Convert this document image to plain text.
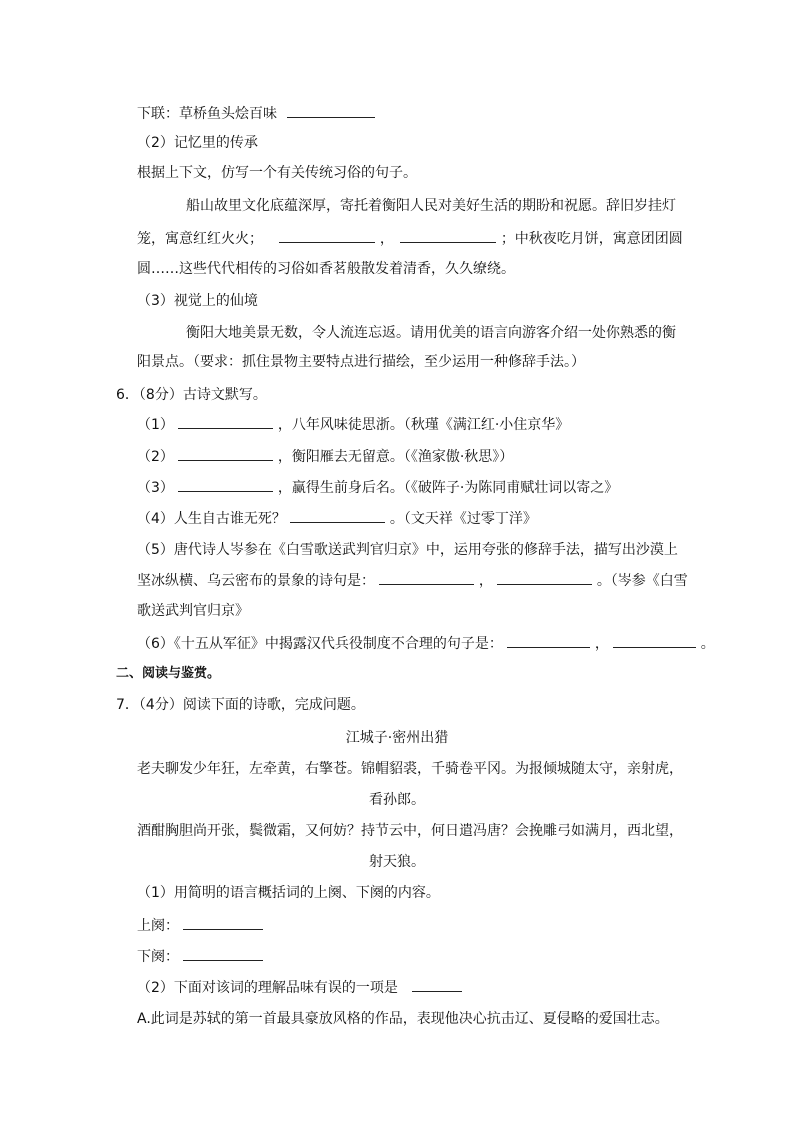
下联：草桥鱼头烩百味
（2）记忆里的传承
根据上下文，仿写一个有关传统习俗的句子。
船山故里文化底蕴深厚，寄托着衡阳人民对美好生活的期盼和祝愿。辞旧岁挂灯
笼，寓意红红火火；	，	；中秋夜吃月饼，寓意团团圆
圆……这些代代相传的习俗如香茗般散发着清香，久久缭绕。
（3）视觉上的仙境
衡阳大地美景无数，令人流连忘返。请用优美的语言向游客介绍一处你熟悉的衡
阳景点。（要求：抓住景物主要特点进行描绘，至少运用一种修辞手法。）
6．（8分）古诗文默写。
（1）	，八年风味徒思浙。（秋瑾《满江红·小住京华》
（2）	，衡阳雁去无留意。（《渔家傲·秋思》）
（3）	，赢得生前身后名。（《破阵子·为陈同甫赋壮词以寄之》
（4）人生自古谁无死？	。（文天祥《过零丁洋》
（5）唐代诗人岑参在《白雪歌送武判官归京》中，运用夸张的修辞手法，描写出沙漠上
坚冰纵横、乌云密布的景象的诗句是：	，	。（岑参《白雪
歌送武判官归京》
（6）《十五从军征》中揭露汉代兵役制度不合理的句子是：	，	。
二、阅读与鉴赏。
7．（4分）阅读下面的诗歌，完成问题。
江城子·密州出猎
老夫聊发少年狂，左牵黄，右擎苍。锦帽貂裘，千骑卷平冈。为报倾城随太守，亲射虎，
看孙郎。
酒酣胸胆尚开张，鬓微霜，又何妨？持节云中，何日遣冯唐？会挽雕弓如满月，西北望，
射天狼。
（1）用简明的语言概括词的上阕、下阕的内容。
上阕：
下阕：
（2）下面对该词的理解品味有误的一项是
A.此词是苏轼的第一首最具豪放风格的作品，表现他决心抗击辽、夏侵略的爱国壮志。
